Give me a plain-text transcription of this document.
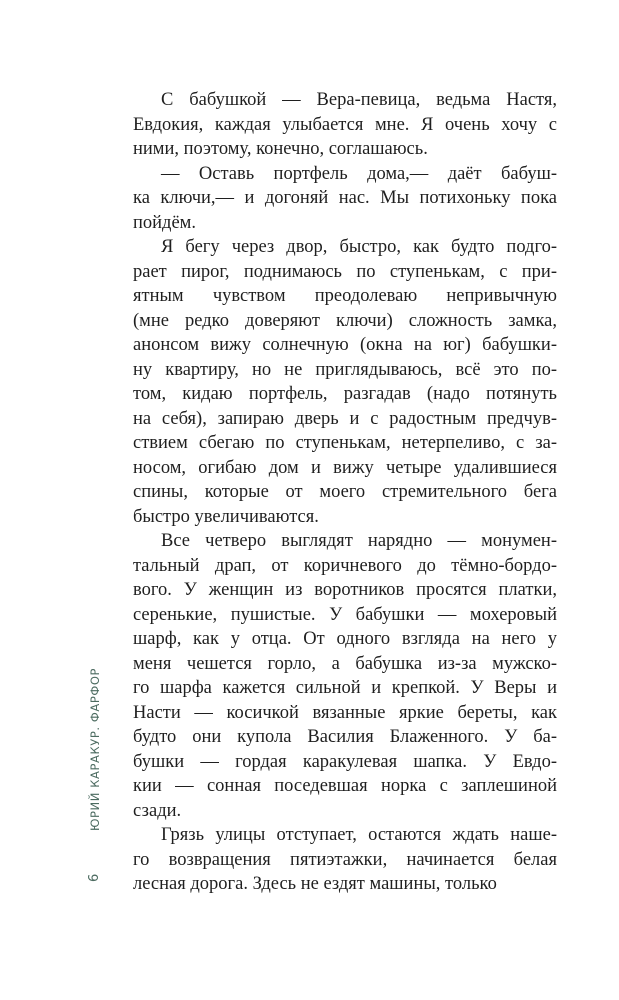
ЮРИЙ КАРАКУР. ФАРФОР
6
С бабушкой — Вера-певица, ведьма Настя,
Евдокия, каждая улыбается мне. Я очень хочу с
ними, поэтому, конечно, соглашаюсь.
— Оставь портфель дома,— даёт бабуш-
ка ключи,— и догоняй нас. Мы потихоньку пока
пойдём.
Я бегу через двор, быстро, как будто подго-
рает пирог, поднимаюсь по ступенькам, с при-
ятным чувством преодолеваю непривычную
(мне редко доверяют ключи) сложность замка,
анонсом вижу солнечную (окна на юг) бабушки-
ну квартиру, но не приглядываюсь, всё это по-
том, кидаю портфель, разгадав (надо потянуть
на себя), запираю дверь и с радостным предчув-
ствием сбегаю по ступенькам, нетерпеливо, с за-
носом, огибаю дом и вижу четыре удалившиеся
спины, которые от моего стремительного бега
быстро увеличиваются.
Все четверо выглядят нарядно — монумен-
тальный драп, от коричневого до тёмно-бордо-
вого. У женщин из воротников просятся платки,
серенькие, пушистые. У бабушки — мохеровый
шарф, как у отца. От одного взгляда на него у
меня чешется горло, а бабушка из-за мужско-
го шарфа кажется сильной и крепкой. У Веры и
Насти — косичкой вязанные яркие береты, как
будто они купола Василия Блаженного. У ба-
бушки — гордая каракулевая шапка. У Евдо-
кии — сонная поседевшая норка с заплешиной
сзади.
Грязь улицы отступает, остаются ждать наше-
го возвращения пятиэтажки, начинается белая
лесная дорога. Здесь не ездят машины, только
